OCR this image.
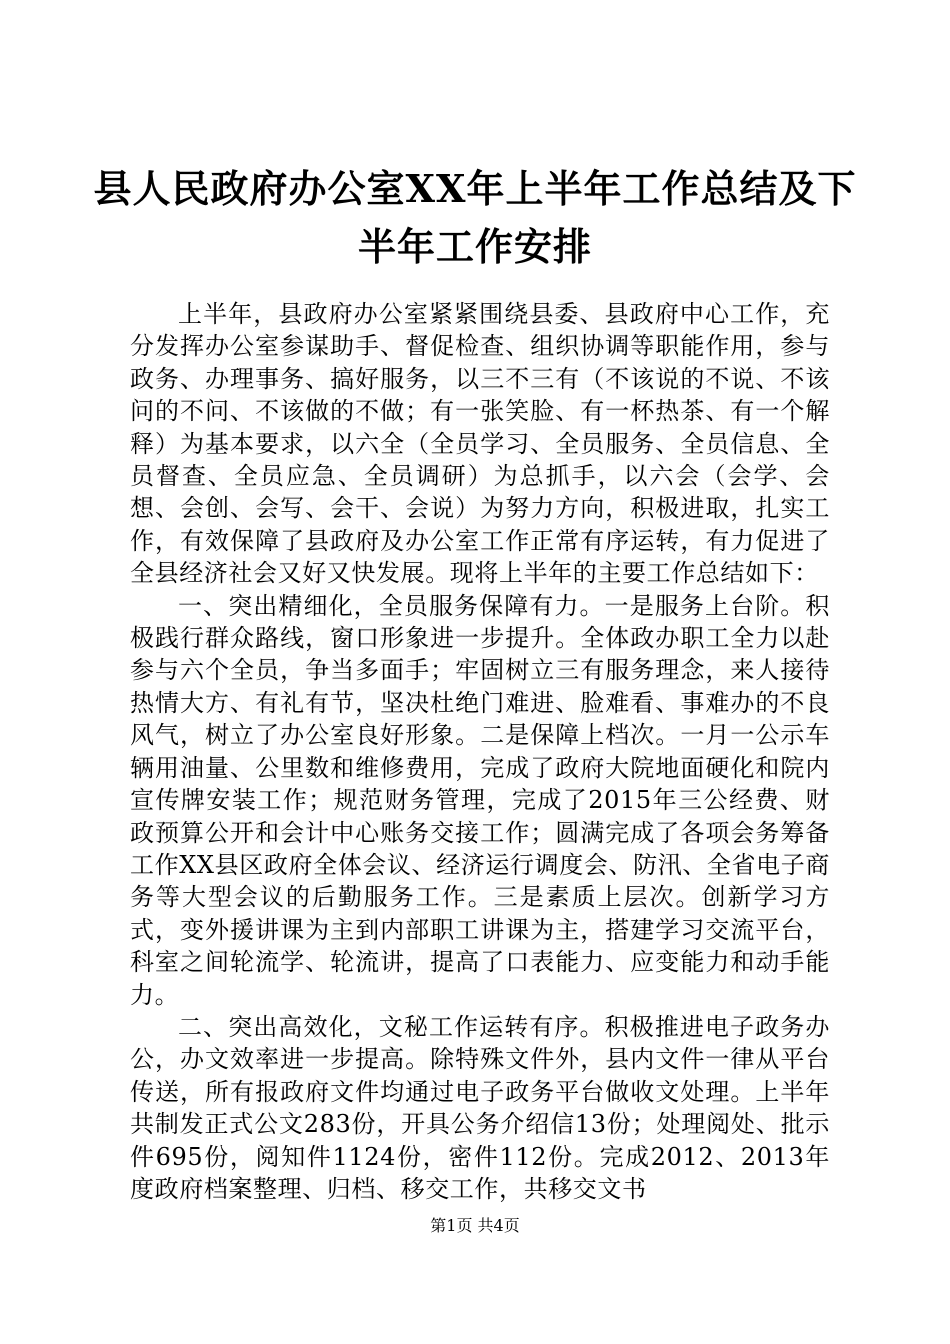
县人民政府办公室XX年上半年工作总结及下半年工作安排

上半年，县政府办公室紧紧围绕县委、县政府中心工作，充分发挥办公室参谋助手、督促检查、组织协调等职能作用，参与政务、办理事务、搞好服务，以三不三有（不该说的不说、不该问的不问、不该做的不做；有一张笑脸、有一杯热茶、有一个解释）为基本要求，以六全（全员学习、全员服务、全员信息、全员督查、全员应急、全员调研）为总抓手，以六会（会学、会想、会创、会写、会干、会说）为努力方向，积极进取，扎实工作，有效保障了县政府及办公室工作正常有序运转，有力促进了全县经济社会又好又快发展。现将上半年的主要工作总结如下：

一、突出精细化，全员服务保障有力。一是服务上台阶。积极践行群众路线，窗口形象进一步提升。全体政办职工全力以赴参与六个全员，争当多面手；牢固树立三有服务理念，来人接待热情大方、有礼有节，坚决杜绝门难进、脸难看、事难办的不良风气，树立了办公室良好形象。二是保障上档次。一月一公示车辆用油量、公里数和维修费用，完成了政府大院地面硬化和院内宣传牌安装工作；规范财务管理，完成了2015年三公经费、财政预算公开和会计中心账务交接工作；圆满完成了各项会务筹备工作XX县区政府全体会议、经济运行调度会、防汛、全省电子商务等大型会议的后勤服务工作。三是素质上层次。创新学习方式，变外援讲课为主到内部职工讲课为主，搭建学习交流平台，科室之间轮流学、轮流讲，提高了口表能力、应变能力和动手能力。

二、突出高效化，文秘工作运转有序。积极推进电子政务办公，办文效率进一步提高。除特殊文件外，县内文件一律从平台传送，所有报政府文件均通过电子政务平台做收文处理。上半年共制发正式公文283份，开具公务介绍信13份；处理阅处、批示件695份，阅知件1124份，密件112份。完成2012、2013年度政府档案整理、归档、移交工作，共移交文书

第1页 共4页
